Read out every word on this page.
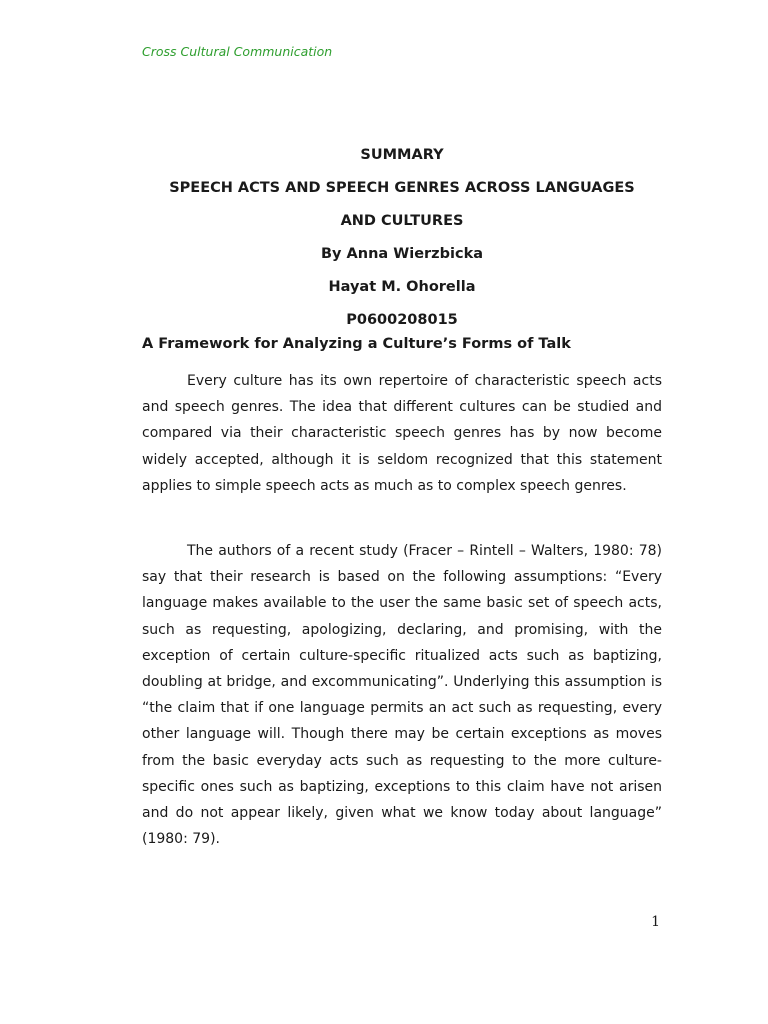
Cross Cultural Communication
SUMMARY
SPEECH ACTS AND SPEECH GENRES ACROSS LANGUAGES
AND CULTURES
By Anna Wierzbicka
Hayat M. Ohorella
P0600208015
A Framework for Analyzing a Culture’s Forms of Talk

Every culture has its own repertoire of characteristic speech acts and speech genres. The idea that different cultures can be studied and compared via their characteristic speech genres has by now become widely accepted, although it is seldom recognized that this statement applies to simple speech acts as much as to complex speech genres.

The authors of a recent study (Fracer – Rintell – Walters, 1980: 78) say that their research is based on the following assumptions: “Every language makes available to the user the same basic set of speech acts, such as requesting, apologizing, declaring, and promising, with the exception of certain culture-specific ritualized acts such as baptizing, doubling at bridge, and excommunicating”. Underlying this assumption is “the claim that if one language permits an act such as requesting, every other language will. Though there may be certain exceptions as moves from the basic everyday acts such as requesting to the more culture-specific ones such as baptizing, exceptions to this claim have not arisen and do not appear likely, given what we know today about language” (1980: 79).

1
